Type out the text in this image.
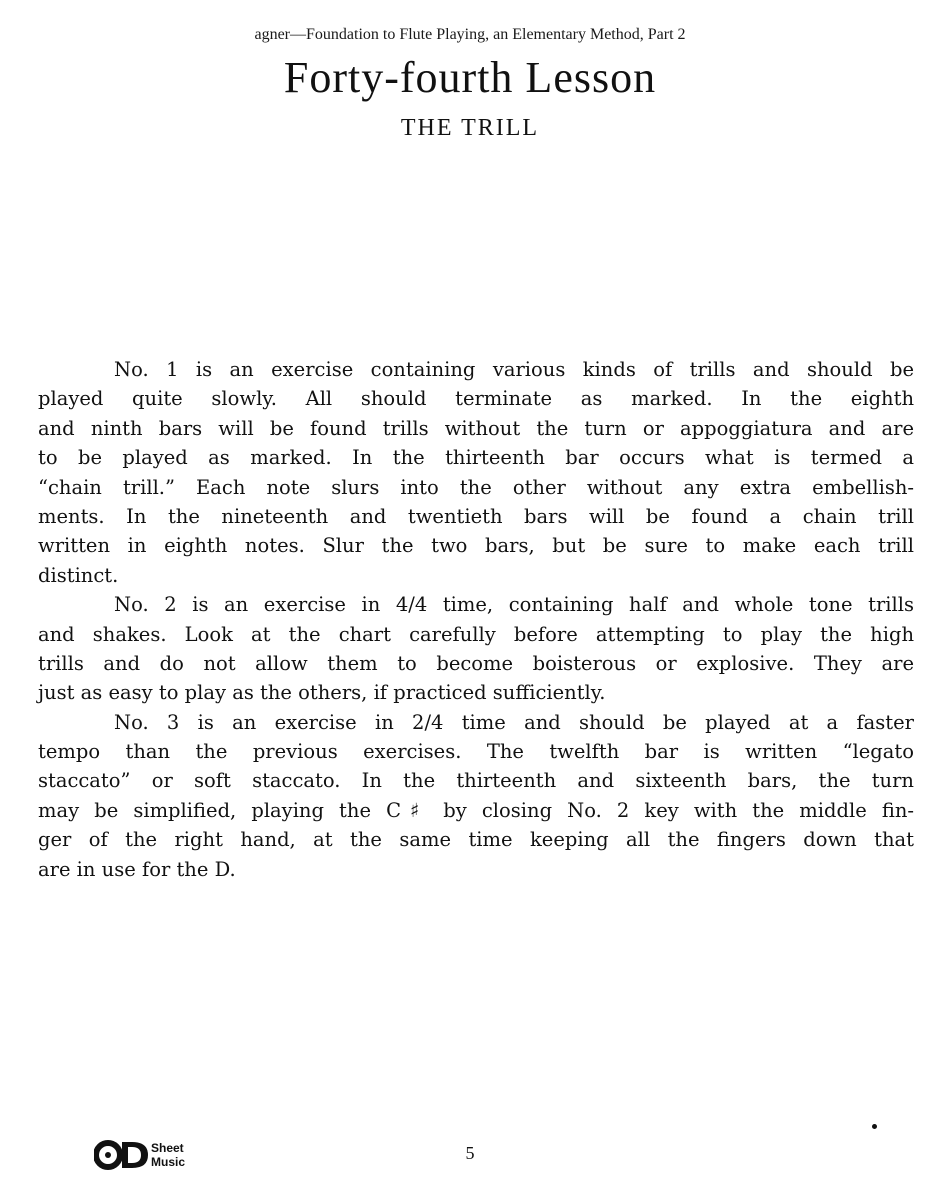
agner—Foundation to Flute Playing, an Elementary Method, Part 2
Forty-fourth Lesson
THE TRILL
No. 1 is an exercise containing various kinds of trills and should be
played quite slowly. All should terminate as marked. In the eighth
and ninth bars will be found trills without the turn or appoggiatura and are
to be played as marked. In the thirteenth bar occurs what is termed a
“chain trill.” Each note slurs into the other without any extra embellish-
ments. In the nineteenth and twentieth bars will be found a chain trill
written in eighth notes. Slur the two bars, but be sure to make each trill
distinct.
No. 2 is an exercise in 4/4 time, containing half and whole tone trills
and shakes. Look at the chart carefully before attempting to play the high
trills and do not allow them to become boisterous or explosive. They are
just as easy to play as the others, if practiced sufficiently.
No. 3 is an exercise in 2/4 time and should be played at a faster
tempo than the previous exercises. The twelfth bar is written “legato
staccato” or soft staccato. In the thirteenth and sixteenth bars, the turn
may be simplified, playing the C♯ by closing No. 2 key with the middle fin-
ger of the right hand, at the same time keeping all the fingers down that
are in use for the D.
Sheet
Music	5
